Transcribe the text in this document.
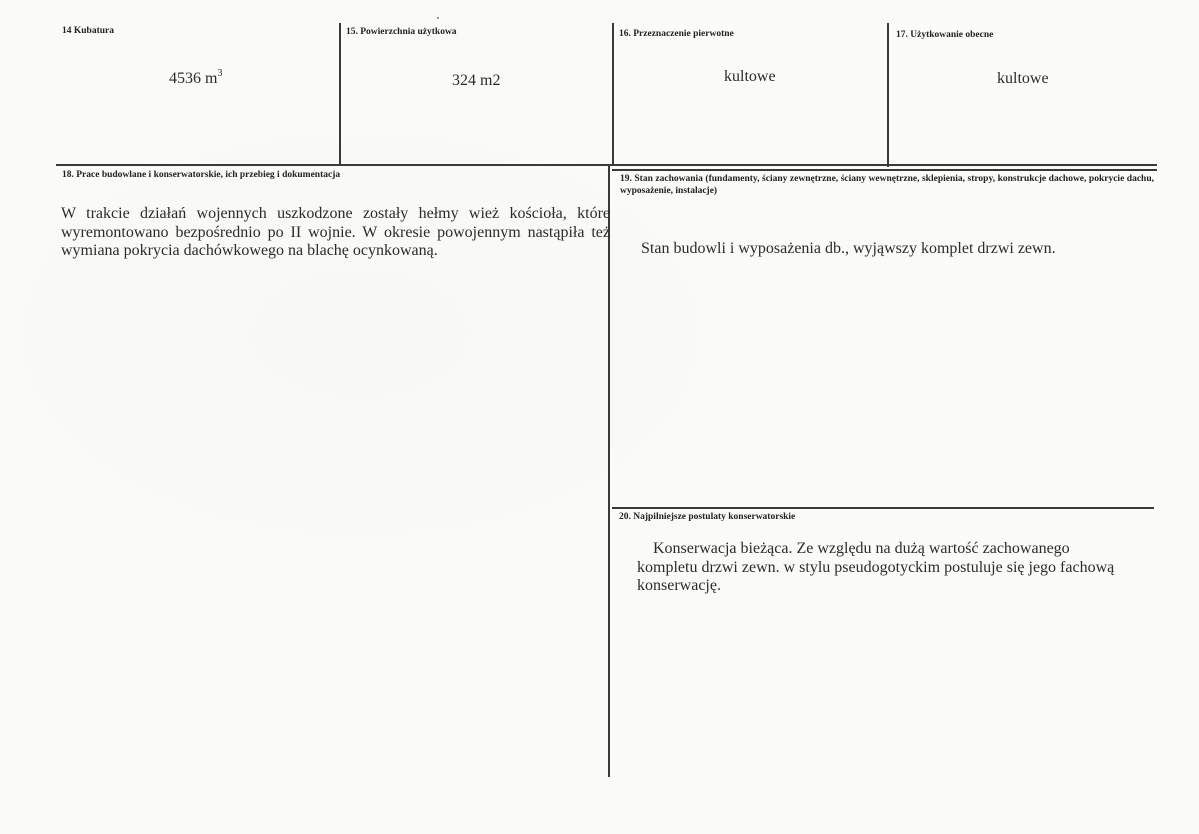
14 Kubatura
4536 $m^3$
15. Powierzchnia użytkowa
324 m2
16. Przeznaczenie pierwotne
kultowe
17. Użytkowanie obecne
kultowe
18. Prace budowlane i konserwatorskie, ich przebieg i dokumentacja
W trakcie działań wojennych uszkodzone zostały hełmy wież kościoła, które wyremontowano bezpośrednio po II wojnie. W okresie powojennym nastąpiła też wymiana pokrycia dachówkowego na blachę ocynkowaną.
19. Stan zachowania (fundamenty, ściany zewnętrzne, ściany wewnętrzne, sklepienia, stropy, konstrukcje dachowe, pokrycie dachu, wyposażenie, instalacje)
Stan budowli i wyposażenia db., wyjąwszy komplet drzwi zewn.
20. Najpilniejsze postulaty konserwatorskie
Konserwacja bieżąca. Ze względu na dużą wartość zachowanego kompletu drzwi zewn. w stylu pseudogotyckim postuluje się jego fachową konserwację.
